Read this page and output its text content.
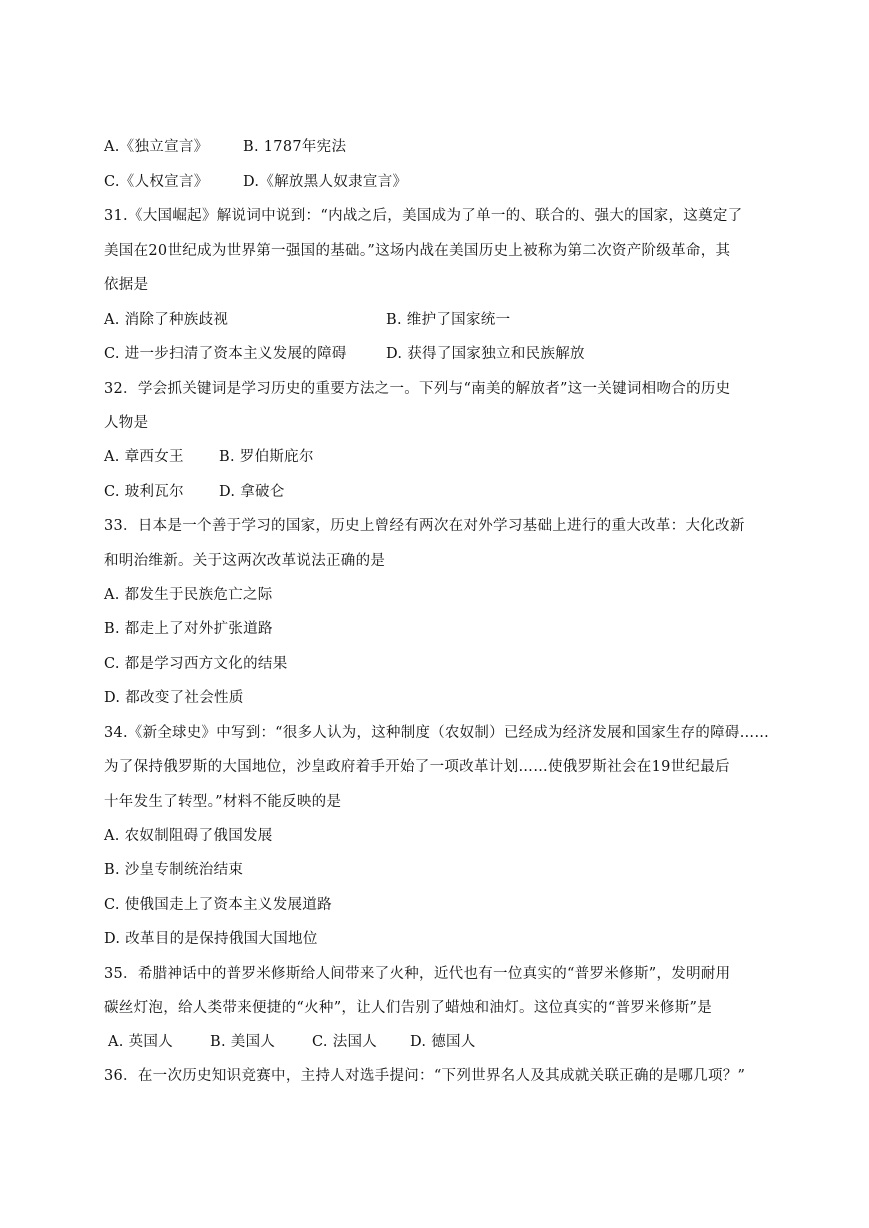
A.《独立宣言》 B. 1787年宪法
C.《人权宣言》 D.《解放黑人奴隶宣言》
31.《大国崛起》解说词中说到：“内战之后，美国成为了单一的、联合的、强大的国家，这奠定了
美国在20世纪成为世界第一强国的基础。”这场内战在美国历史上被称为第二次资产阶级革命，其
依据是
A. 消除了种族歧视	B. 维护了国家统一
C. 进一步扫清了资本主义发展的障碍	D. 获得了国家独立和民族解放
32．学会抓关键词是学习历史的重要方法之一。下列与“南美的解放者”这一关键词相吻合的历史
人物是
A. 章西女王 B. 罗伯斯庇尔
C. 玻利瓦尔 D. 拿破仑
33．日本是一个善于学习的国家，历史上曾经有两次在对外学习基础上进行的重大改革：大化改新
和明治维新。关于这两次改革说法正确的是
A. 都发生于民族危亡之际
B. 都走上了对外扩张道路
C. 都是学习西方文化的结果
D. 都改变了社会性质
34.《新全球史》中写到：“很多人认为，这种制度（农奴制）已经成为经济发展和国家生存的障碍……
为了保持俄罗斯的大国地位，沙皇政府着手开始了一项改革计划……使俄罗斯社会在19世纪最后
十年发生了转型。”材料不能反映的是
A. 农奴制阻碍了俄国发展
B. 沙皇专制统治结束
C. 使俄国走上了资本主义发展道路
D. 改革目的是保持俄国大国地位
35．希腊神话中的普罗米修斯给人间带来了火种，近代也有一位真实的“普罗米修斯”，发明耐用
碳丝灯泡，给人类带来便捷的“火种”，让人们告别了蜡烛和油灯。这位真实的“普罗米修斯”是
A. 英国人	B. 美国人	C. 法国人 D. 德国人
36．在一次历史知识竞赛中，主持人对选手提问：“下列世界名人及其成就关联正确的是哪几项？”
